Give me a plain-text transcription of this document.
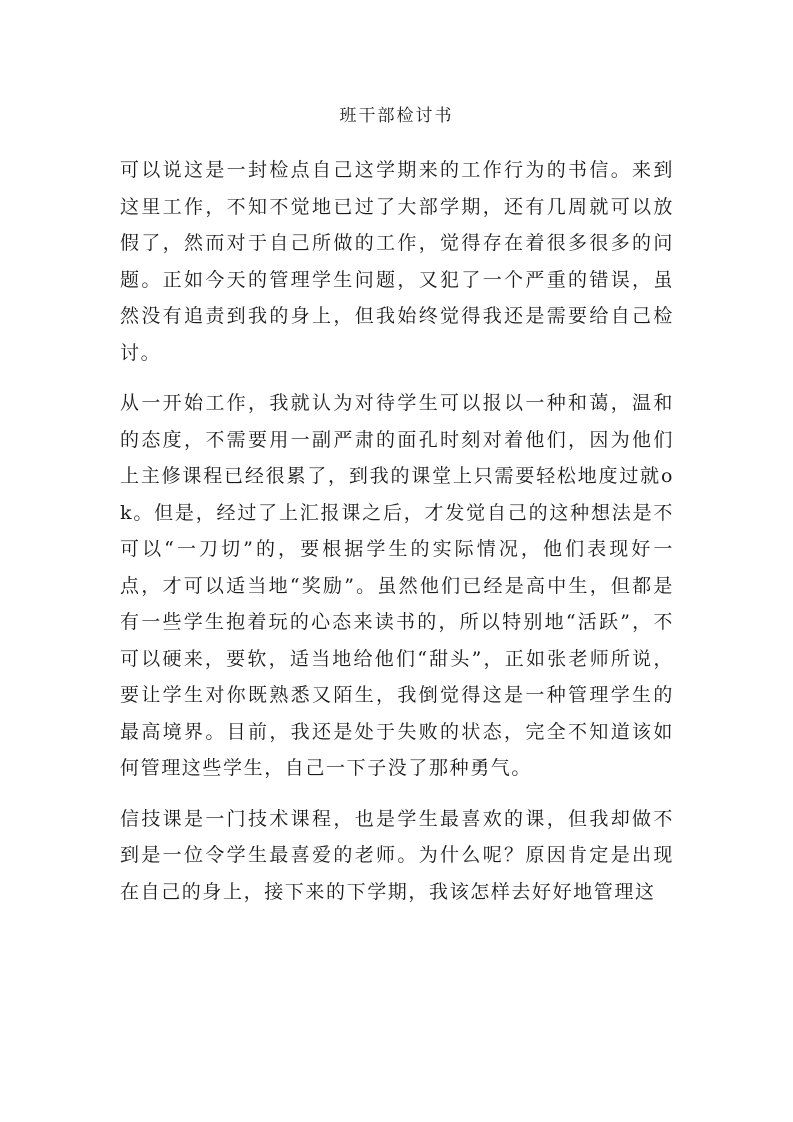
班干部检讨书

可以说这是一封检点自己这学期来的工作行为的书信。来到这里工作，不知不觉地已过了大部学期，还有几周就可以放假了，然而对于自己所做的工作，觉得存在着很多很多的问题。正如今天的管理学生问题，又犯了一个严重的错误，虽然没有追责到我的身上，但我始终觉得我还是需要给自己检讨。

从一开始工作，我就认为对待学生可以报以一种和蔼，温和的态度，不需要用一副严肃的面孔时刻对着他们，因为他们上主修课程已经很累了，到我的课堂上只需要轻松地度过就ok。但是，经过了上汇报课之后，才发觉自己的这种想法是不可以“一刀切”的，要根据学生的实际情况，他们表现好一点，才可以适当地“奖励”。虽然他们已经是高中生，但都是有一些学生抱着玩的心态来读书的，所以特别地“活跃”，不可以硬来，要软，适当地给他们“甜头”，正如张老师所说，要让学生对你既熟悉又陌生，我倒觉得这是一种管理学生的最高境界。目前，我还是处于失败的状态，完全不知道该如何管理这些学生，自己一下子没了那种勇气。

信技课是一门技术课程，也是学生最喜欢的课，但我却做不到是一位令学生最喜爱的老师。为什么呢？原因肯定是出现在自己的身上，接下来的下学期，我该怎样去好好地管理这
